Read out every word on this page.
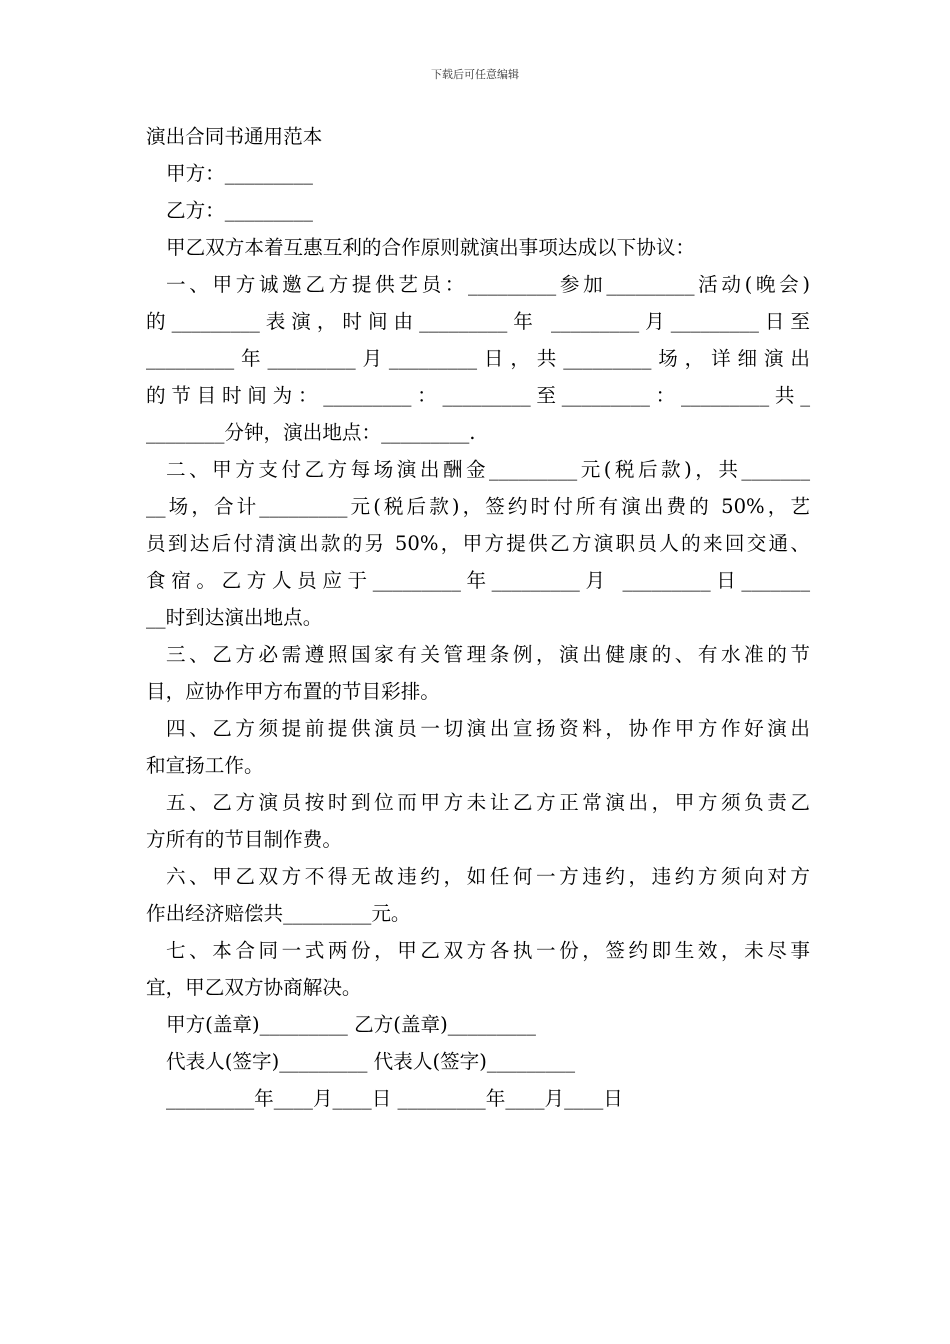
下载后可任意编辑
演出合同书通用范本
甲方：_________
乙方：_________
甲乙双方本着互惠互利的合作原则就演出事项达成以下协议：
一、甲方诚邀乙方提供艺员：_________参加_________活动(晚会)
的_________表演，时间由_________年 _________月_________日至
_________年_________月_________日，共_________场，详细演出
的节目时间为：_________：_________至_________：_________共_
________分钟，演出地点：_________.
二、甲方支付乙方每场演出酬金_________元(税后款)，共_______
__场，合计_________元(税后款)，签约时付所有演出费的 50%，艺
员到达后付清演出款的另 50%，甲方提供乙方演职员人的来回交通、
食宿。乙方人员应于_________年_________月 _________日_______
__时到达演出地点。
三、乙方必需遵照国家有关管理条例，演出健康的、有水准的节
目，应协作甲方布置的节目彩排。
四、乙方须提前提供演员一切演出宣扬资料，协作甲方作好演出
和宣扬工作。
五、乙方演员按时到位而甲方未让乙方正常演出，甲方须负责乙
方所有的节目制作费。
六、甲乙双方不得无故违约，如任何一方违约，违约方须向对方
作出经济赔偿共_________元。
七、本合同一式两份，甲乙双方各执一份，签约即生效，未尽事
宜，甲乙双方协商解决。
甲方(盖章)_________ 乙方(盖章)_________
代表人(签字)_________ 代表人(签字)_________
_________年____月____日 _________年____月____日
